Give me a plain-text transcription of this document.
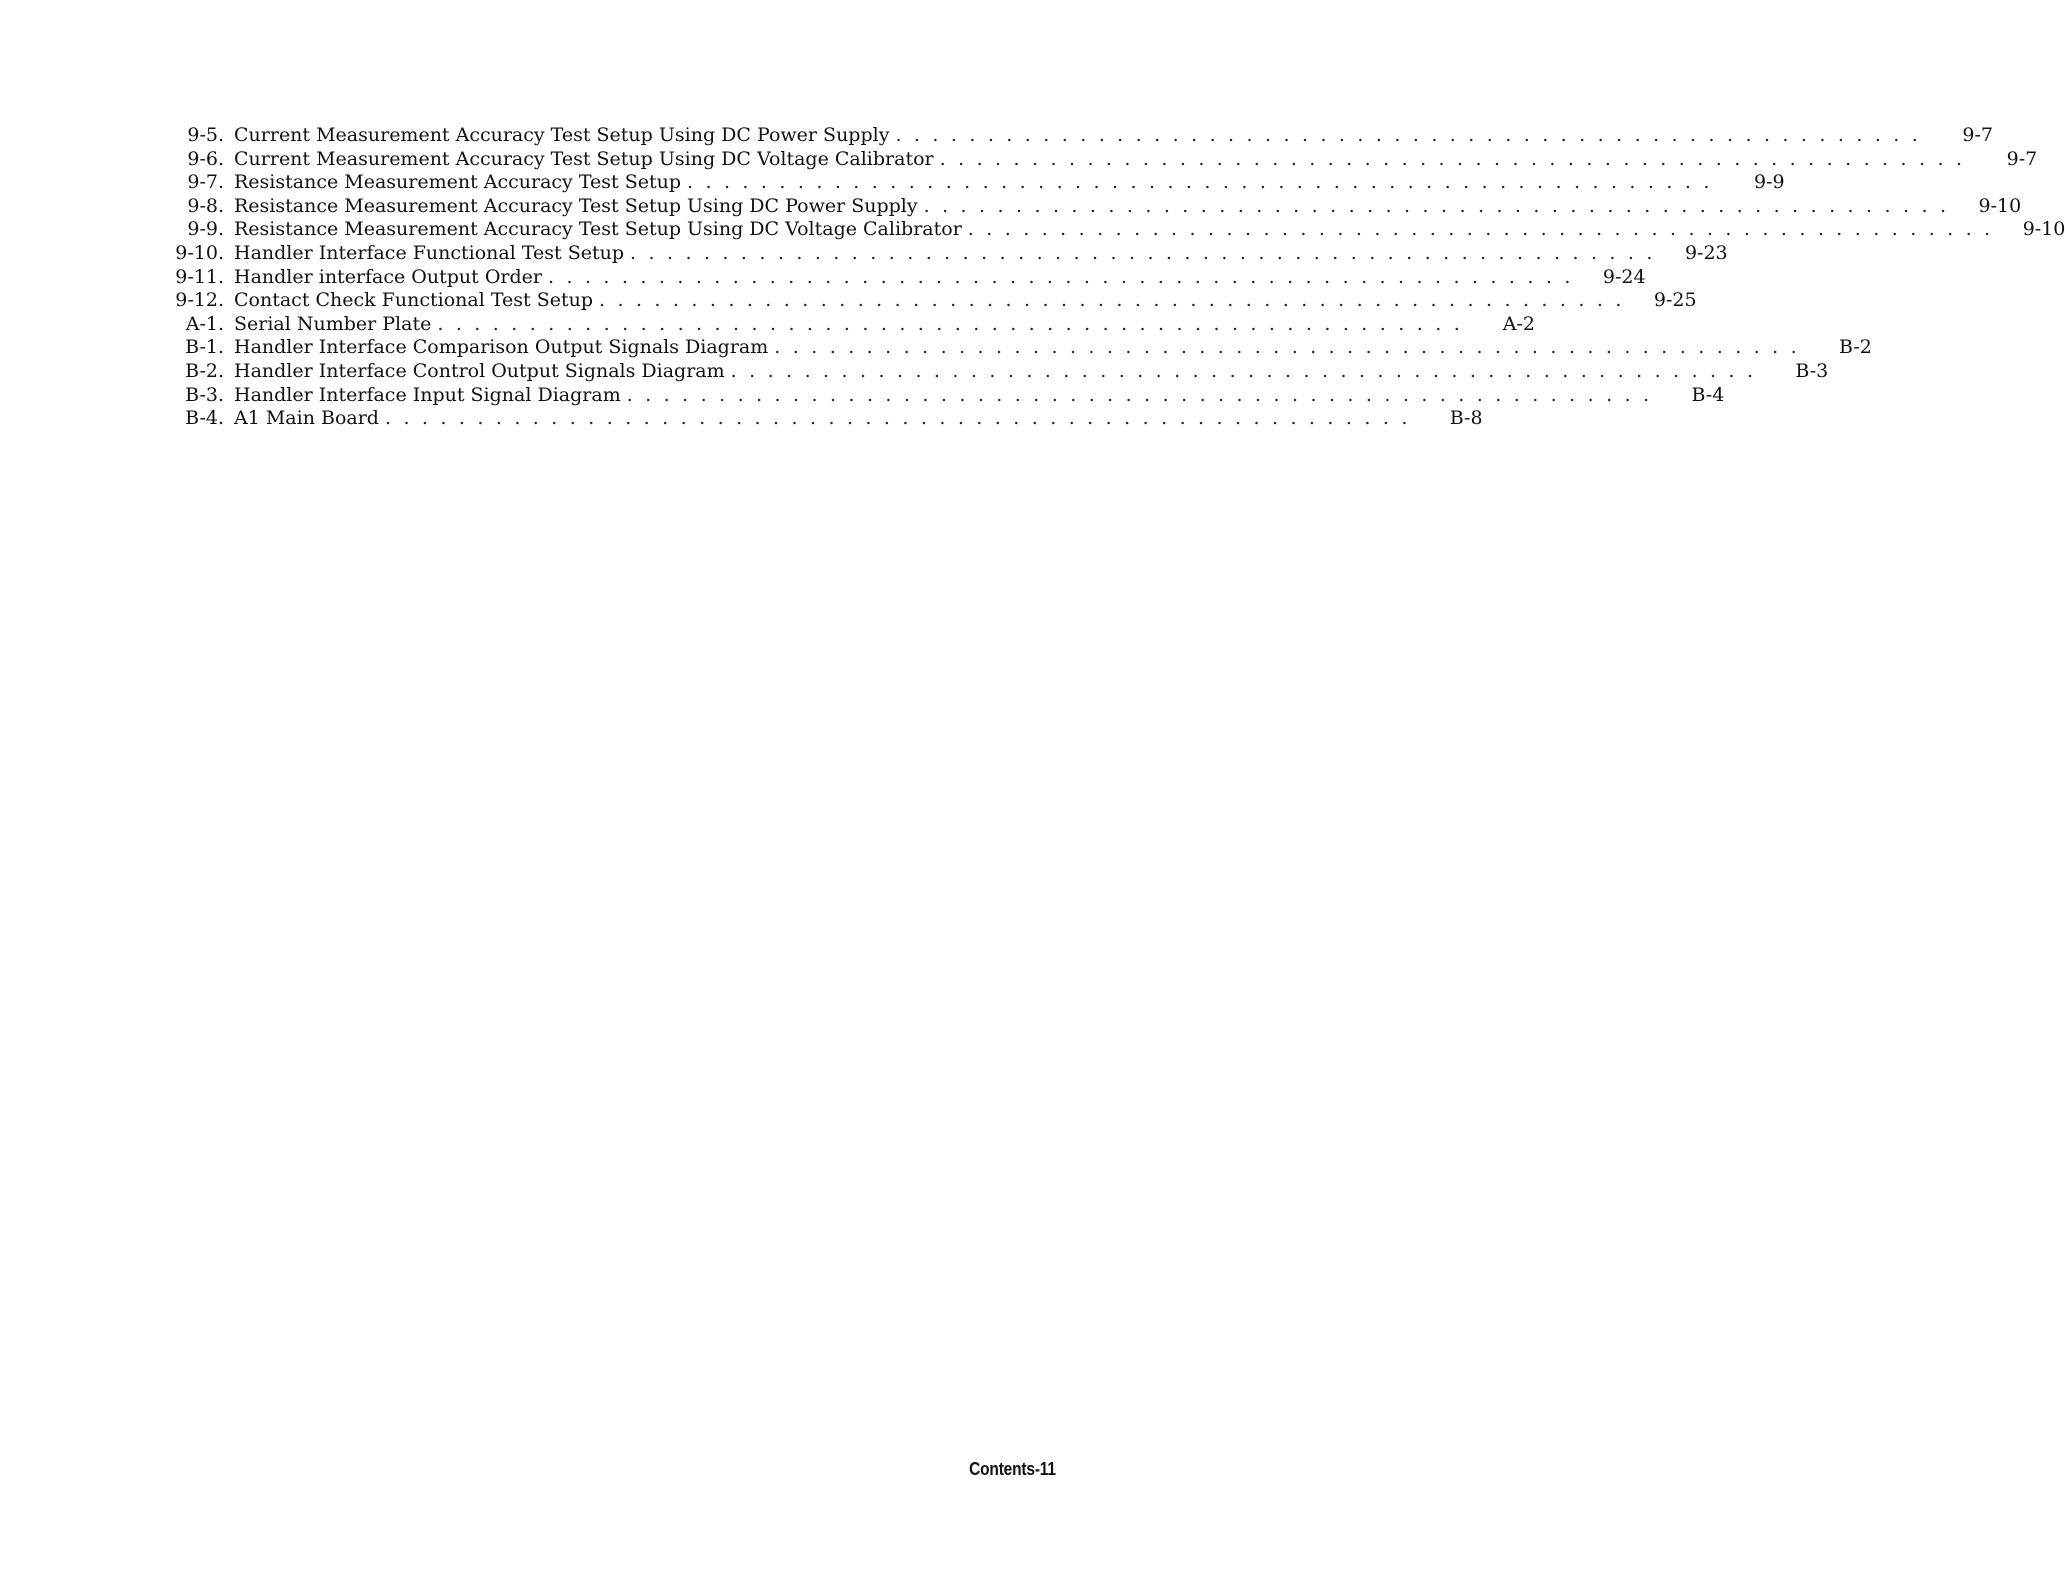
9-5. Current Measurement Accuracy Test Setup Using DC Power Supply . . .	9-7
9-6. Current Measurement Accuracy Test Setup Using DC Voltage Calibrator . . .	9-7
9-7. Resistance Measurement Accuracy Test Setup . . .	9-9
9-8. Resistance Measurement Accuracy Test Setup Using DC Power Supply . . .	9-10
9-9. Resistance Measurement Accuracy Test Setup Using DC Voltage Calibrator . . .	9-10
9-10. Handler Interface Functional Test Setup . . .	9-23
9-11. Handler interface Output Order . . .	9-24
9-12. Contact Check Functional Test Setup . . .	9-25
A-1. Serial Number Plate . . .	A-2
B-1. Handler Interface Comparison Output Signals Diagram . . .	B-2
B-2. Handler Interface Control Output Signals Diagram . . .	B-3
B-3. Handler Interface Input Signal Diagram . . .	B-4
B-4. A1 Main Board . . .	B-8
Contents-11
